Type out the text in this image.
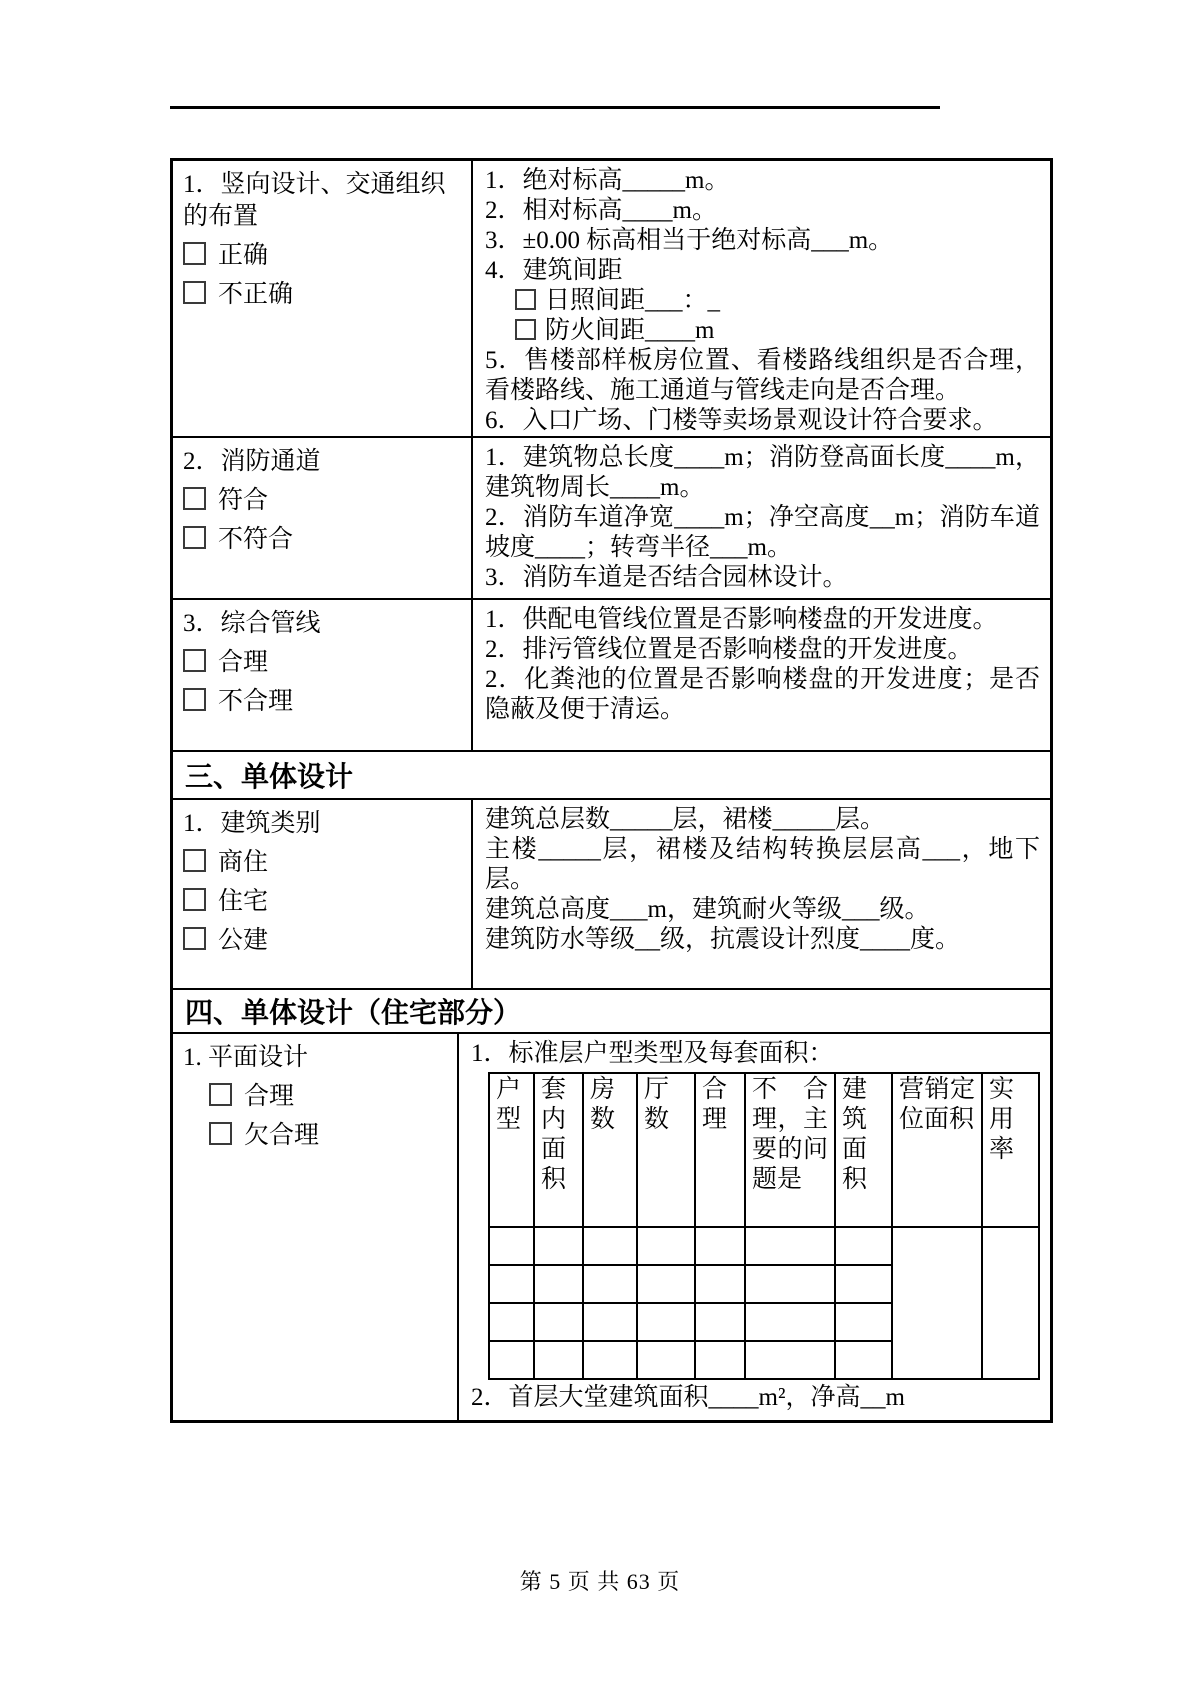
1．竖向设计、交通组织的布置
正确
不正确
1．绝对标高_____m。
2．相对标高____m。
3．±0.00 标高相当于绝对标高___m。
4．建筑间距
日照间距___：_
防火间距____m
5．售楼部样板房位置、看楼路线组织是否合理，看楼路线、施工通道与管线走向是否合理。
6．入口广场、门楼等卖场景观设计符合要求。
2．消防通道
符合
不符合
1．建筑物总长度____m；消防登高面长度____m，建筑物周长____m。
2．消防车道净宽____m；净空高度__m；消防车道坡度____；转弯半径___m。
3．消防车道是否结合园林设计。
3．综合管线
合理
不合理
1．供配电管线位置是否影响楼盘的开发进度。
2．排污管线位置是否影响楼盘的开发进度。
2．化粪池的位置是否影响楼盘的开发进度；是否隐蔽及便于清运。
三、单体设计
1．建筑类别
商住
住宅
公建
建筑总层数_____层，裙楼_____层。
主楼_____层，裙楼及结构转换层层高___，地下层。
建筑总高度___m，建筑耐火等级___级。
建筑防水等级__级，抗震设计烈度____度。
四、单体设计（住宅部分）
1. 平面设计
合理
欠合理
1．标准层户型类型及每套面积：
户型	套内面积	房数	厅数	合理	不合理，主要的问题是	建筑面积	营销定位面积	实用率

2．首层大堂建筑面积____m²，净高__m
第 5 页 共 63 页
